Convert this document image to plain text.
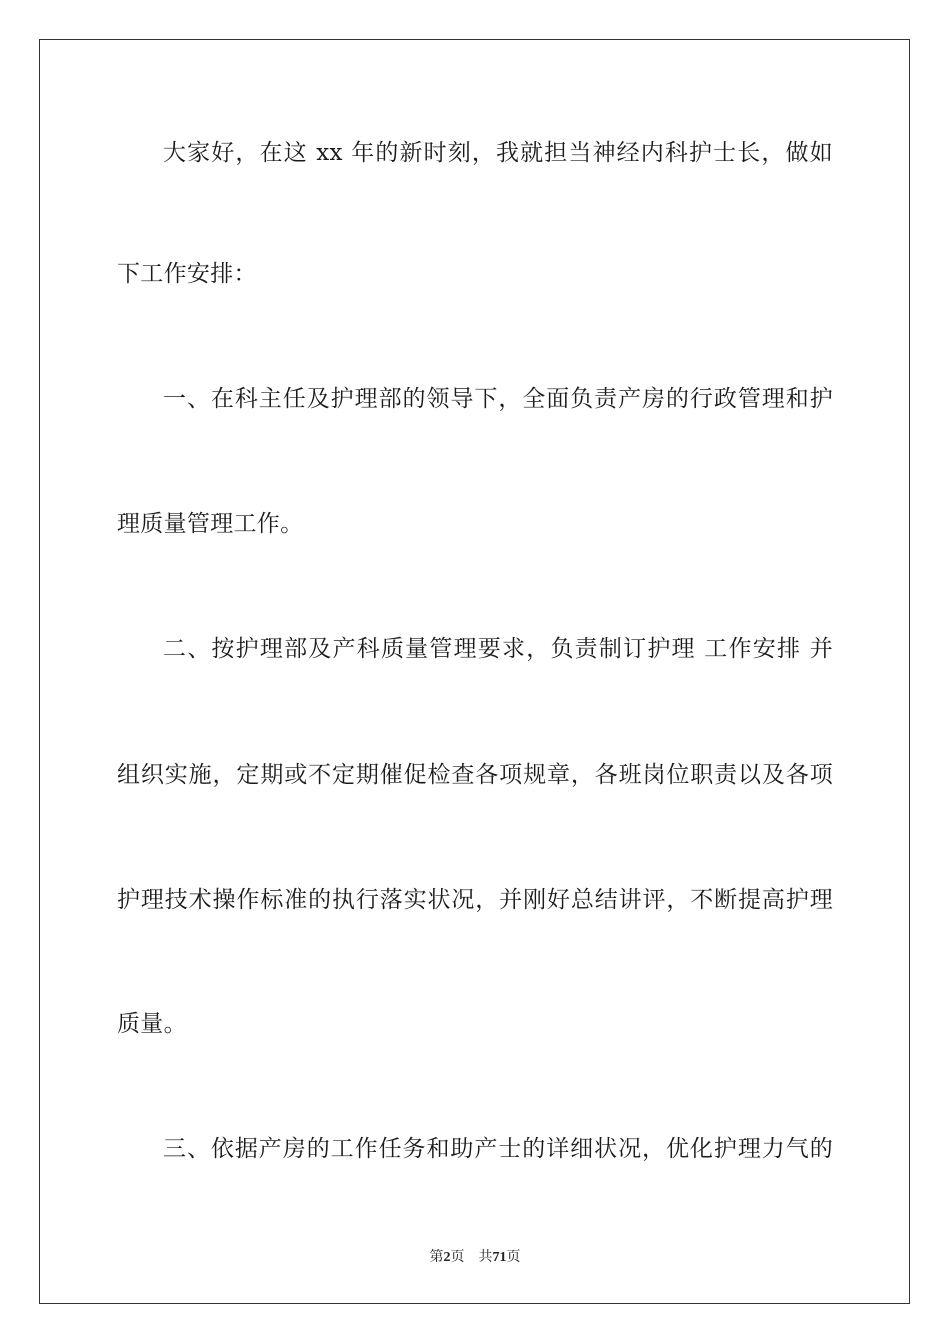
大家好，在这 xx 年的新时刻，我就担当神经内科护士长，做如
下工作安排：
一、在科主任及护理部的领导下，全面负责产房的行政管理和护
理质量管理工作。
二、按护理部及产科质量管理要求，负责制订护理 工作安排 并
组织实施，定期或不定期催促检查各项规章，各班岗位职责以及各项
护理技术操作标准的执行落实状况，并刚好总结讲评，不断提高护理
质量。
三、依据产房的工作任务和助产士的详细状况，优化护理力气的
第2页 共71页
